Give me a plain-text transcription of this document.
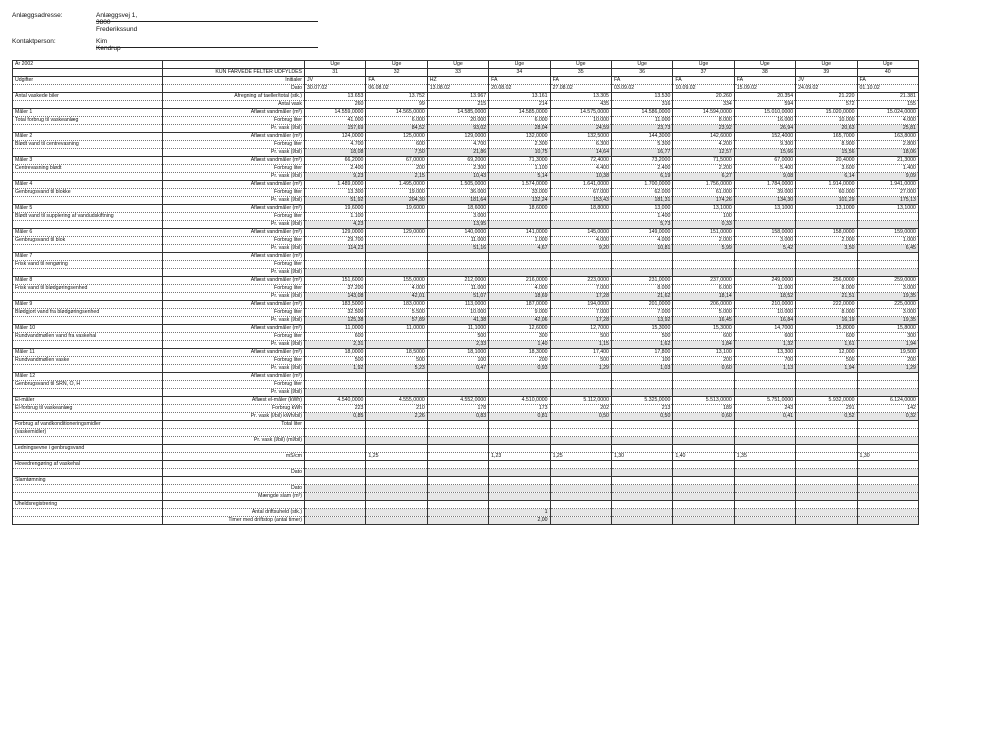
Anlæggsadresse:	Anlæggsvej 1, 3800 Frederikssund
Kontaktperson:	Kim Kendrup
År 2002		Uge	Uge	Uge	Uge	Uge	Uge	Uge	Uge	Uge	Uge
	KUN FARVEDE FELTER UDFYLDES	31	32	33	34	35	36	37	38	39	40
Udgifter	Initialer	JV	FA	HZ	FA	FA	FA	FA	FA	JV	FA
	Dato	30.07.02	06.08.02	13.08.02	20.08.02	27.08.02	03.09.02	10.09.02	15.09.02	24.09.02	01.10.02
Antal vaskede biler	Afregning af taeller/total (stk.)	13.653	13.752	13.967	13.161	13.305	13.530	20.260	20.354	21.220	21.381
	Antal vask	260	99	215	214	435	316	334	594	572	155
Måler 1	Aflæst vandmåler (m³)	14.559,0000	14.565,0000	14.585,0000	14.585,0000	14.575,0000	14.586,0000	14.594,0000	15.010,0000	15.020,0000	15.024,0000
Total forbrug til vaskeanlæg	Forbrug liter	41.000	6.000	20.000	6.000	10.000	11.000	8.000	16.000	10.000	4.000
	Pr. vask (l/bil)	157,69	84,52	93,02	28,04	24,59	23,73	23,92	26,94	20,63	25,81
Måler 2	Aflæst vandmåler (m³)	124,0000	125,0000	129,0000	132,0000	132,5000	144,3000	142,6000	152,4000	165,7000	163,8000
Blødt vand til centrevasning	Forbrug liter	4.700	600	4.700	2.300	6.300	5.300	4.200	9.300	8.900	2.800
	Pr. vask (l/bil)	18,08	7,50	21,86	10,75	14,64	16,77	12,57	15,66	15,56	18,06
Måler 3	Aflæst vandmåler (m³)	66,2000	67,0000	69,2000	71,3000	72,4000	73,2000	71,5000	67,0000	20,4000	21,3000
Centrevasning blødt	Forbrug liter	2.400	200	2.300	1.100	4.400	2.400	2.200	5.400	3.600	1.400
	Pr. vask (l/bil)	9,23	2,15	10,43	5,14	10,38	6,19	6,27	9,08	6,14	9,09
Måler 4	Aflæst vandmåler (m³)	1.489,0000	1.495,0000	1.505,0000	1.574,0000	1.641,0000	1.700,0000	1.756,0000	1.784,0000	1.914,0000	1.941,0000
Genbrugsvand til blokke	Forbrug liter	13.300	19.000	36.000	33.000	67.000	62.000	61.000	39.000	60.000	27.000
	Pr. vask (l/bil)	51,92	204,30	181,64	132,24	153,43	181,31	174,26	134,30	101,29	175,13
Måler 5	Aflæst vandmåler (m³)	19,6000	19,6000	18,6000	18,6000	18,8000	13,000	13,1000	13,1000	13,1000	13,1000
Blødt vand til supplering af vandudskiftning	Forbrug liter	1.100		3.000			1.400	100			
	Pr. vask (l/bil)	4,23		13,95			5,73	0,33			
Måler 6	Aflæst vandmåler (m³)	129,0000	129,0000	140,0000	141,0000	145,0000	149,0000	151,0000	158,0000	158,0000	159,0000
Genbrugsvand til blok	Forbrug liter	29.700		11.000	1.000	4.000	4.000	2.000	3.000	2.000	1.000
	Pr. vask (l/bil)	114,23		51,16	4,67	9,20	10,81	5,99	5,42	3,50	6,45
Måler 7	Aflæst vandmåler (m³)										
Frisk vand til rengøring	Forbrug liter										
	Pr. vask (l/bil)										
Måler 8	Aflæst vandmåler (m³)	151,6000	155,0000	212,0000	216,0000	223,0000	231,0000	237,0000	249,0000	256,0000	259,0000
Frisk vand til blødgøringsenhed	Forbrug liter	37.200	4.000	11.000	4.000	7.000	8.000	6.000	11.000	8.000	3.000
	Pr. vask (l/bil)	143,08	42,01	51,07	18,69	17,28	21,62	18,14	18,52	21,51	19,35
Måler 9	Aflæst vandmåler (m³)	183,5000	183,0000	113,0000	187,0000	194,0000	201,0000	206,0000	210,0000	222,0000	225,0000
Blødgjort vand fra blødgøringsenhed	Forbrug liter	32.500	5.500	10.000	9.000	7.000	7.000	5.000	10.000	8.000	3.000
	Pr. vask (l/bil)	125,38	57,89	41,38	42,06	17,28	13,92	16,45	16,84	16,19	19,35
Måler 10	Aflæst vandmåler (m³)	11,0000	11,0000	11,1000	12,6000	12,7000	15,3000	15,3000	14,7000	15,8000	15,8000
Rundvandmøllen vand fra vaskehal	Forbrug liter	600		500	300	500	500	600	600	600	300
	Pr. vask (l/bil)	2,31		2,33	1,40	1,15	1,62	1,84	1,32	1,61	1,94
Måler 11	Aflæst vandmåler (m³)	18,0000	18,5000	18,1000	18,3000	17,400	17,800	13,100	13,300	12,000	19,500
Rundvandmøllen vaske	Forbrug liter	500	500	100	200	500	100	200	700	500	200
	Pr. vask (l/bil)	1,92	5,23	0,47	0,93	1,29	1,03	0,60	1,13	1,94	1,29
Måler 12	Aflæst vandmåler (m³)										
Genbrugsvand til SRN, O, H	Forbrug liter										
	Pr. vask (l/bil)										
El-måler	Aflæst el-måler (kWh)	4.540,0000	4.555,0000	4.552,0000	4.510,0000	5.112,0000	5.325,0000	5.513,0000	5.751,0000	5.932,0000	6.124,0000
El-forbrug til vaskeanlæg	Forbrug kWh	223	210	178	173	202	213	189	243	291	142
	Pr. vask (l/bil) kWh/bil)	0,85	2,26	0,83	0,81	0,50	0,50	0,60	0,41	0,52	0,32
Forbrug af vandkonditioneringsmidler	Total liter										
(vaskemidler)											
	Pr. vask (l/bil) (ml/bil)										
Ledningsevne i genbrugsvand											
	mS/cm		1,25		1,23	1,25	1,30	1,40	1,35		1,30
Hovedrengøring af vaskehal											
	Dato										
Slamtømning											
	Dato										
	Mængde slam (m³)										
Uheldsregistrering											
	Antal driftsuheld (stk.)				1						
	Timer med driftstop (antal timer)				2,00						
